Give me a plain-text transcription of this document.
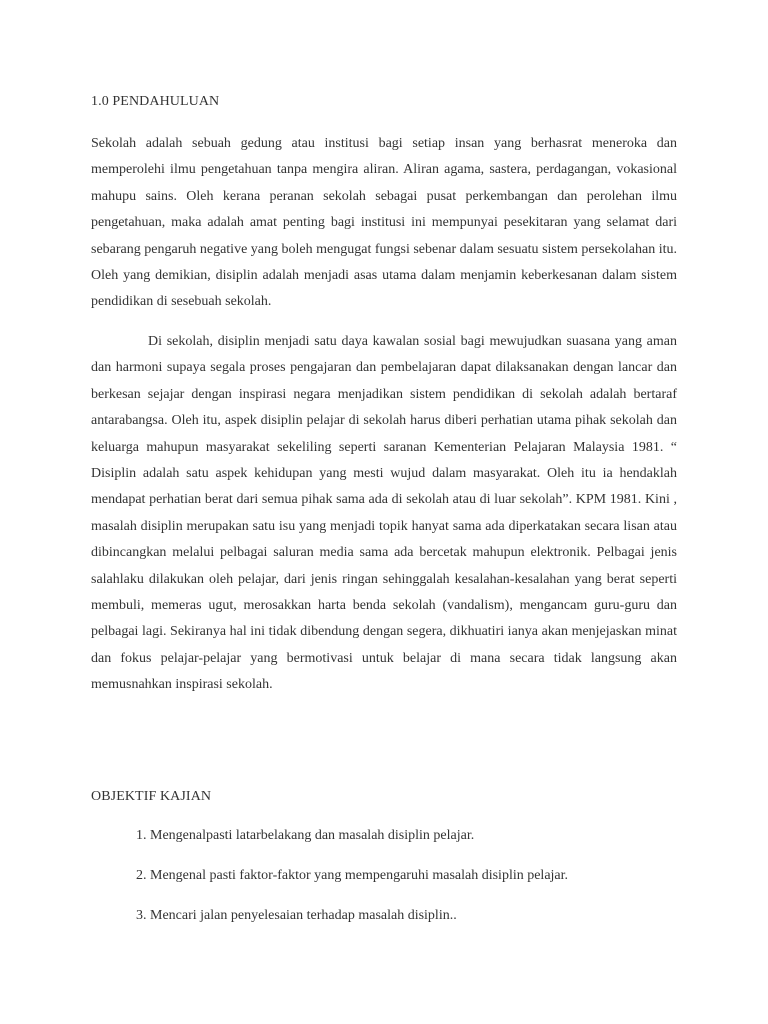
1.0 PENDAHULUAN

Sekolah adalah sebuah gedung atau institusi bagi setiap insan yang berhasrat meneroka dan memperolehi ilmu pengetahuan tanpa mengira aliran. Aliran agama, sastera, perdagangan, vokasional mahupu sains. Oleh kerana peranan sekolah sebagai pusat perkembangan dan perolehan ilmu pengetahuan, maka adalah amat penting bagi institusi ini mempunyai pesekitaran yang selamat dari sebarang pengaruh negative yang boleh mengugat fungsi sebenar dalam sesuatu sistem persekolahan itu. Oleh yang demikian, disiplin adalah menjadi asas utama dalam menjamin keberkesanan dalam sistem pendidikan di sesebuah sekolah.

Di sekolah, disiplin menjadi satu daya kawalan sosial bagi mewujudkan suasana yang aman dan harmoni supaya segala proses pengajaran dan pembelajaran dapat dilaksanakan dengan lancar dan berkesan sejajar dengan inspirasi negara menjadikan sistem pendidikan di sekolah adalah bertaraf antarabangsa. Oleh itu, aspek disiplin pelajar di sekolah harus diberi perhatian utama pihak sekolah dan keluarga mahupun masyarakat sekeliling seperti saranan Kementerian Pelajaran Malaysia 1981. “ Disiplin adalah satu aspek kehidupan yang mesti wujud dalam masyarakat. Oleh itu ia hendaklah mendapat perhatian berat dari semua pihak sama ada di sekolah atau di luar sekolah”. KPM 1981. Kini , masalah disiplin merupakan satu isu yang menjadi topik hanyat sama ada diperkatakan secara lisan atau dibincangkan melalui pelbagai saluran media sama ada bercetak mahupun elektronik. Pelbagai jenis salahlaku dilakukan oleh pelajar, dari jenis ringan sehinggalah kesalahan-kesalahan yang berat seperti membuli, memeras ugut, merosakkan harta benda sekolah (vandalism), mengancam guru-guru dan pelbagai lagi. Sekiranya hal ini tidak dibendung dengan segera, dikhuatiri ianya akan menjejaskan minat dan fokus pelajar-pelajar yang bermotivasi untuk belajar di mana secara tidak langsung akan memusnahkan inspirasi sekolah.

OBJEKTIF KAJIAN
1. Mengenalpasti latarbelakang dan masalah disiplin pelajar.
2. Mengenal pasti faktor-faktor yang mempengaruhi masalah disiplin pelajar.
3. Mencari jalan penyelesaian terhadap masalah disiplin..
